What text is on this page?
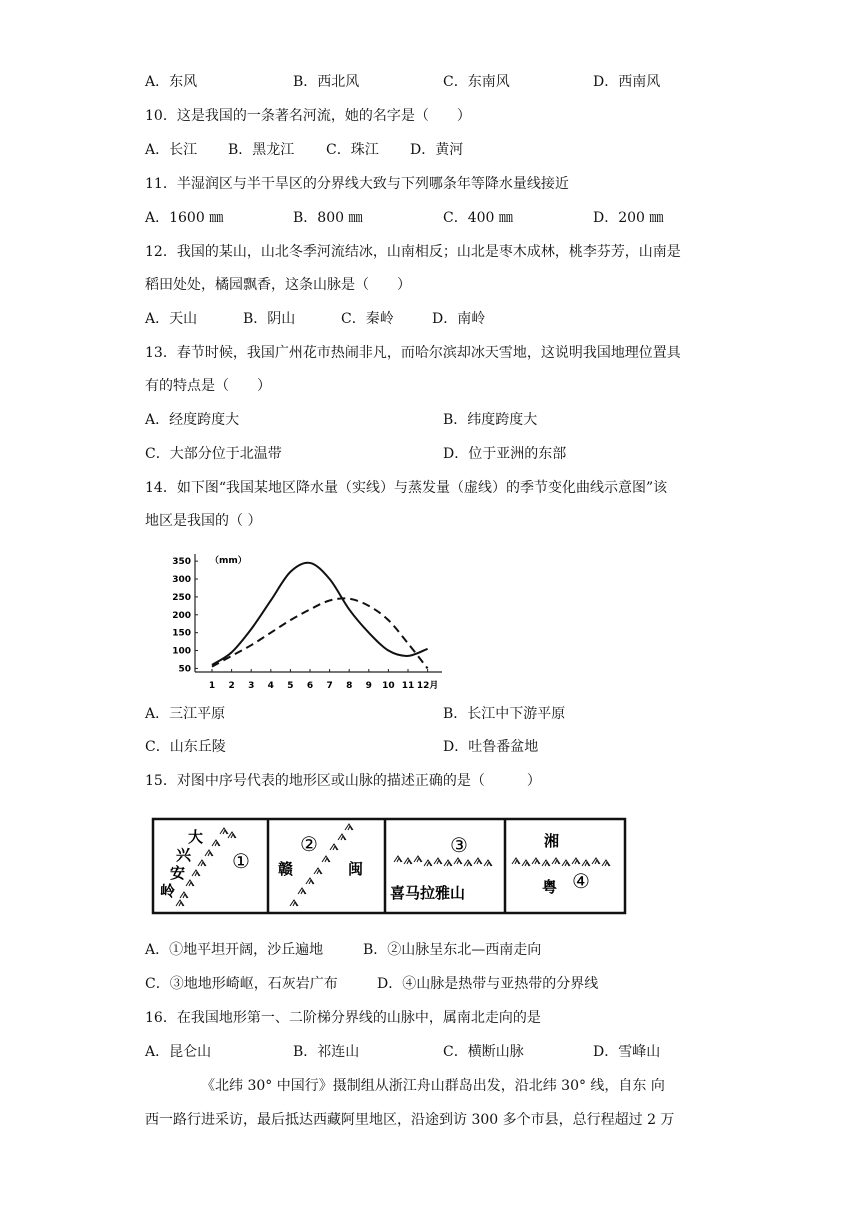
A．东风	B．西北风	C．东南风	D．西南风
10．这是我国的一条著名河流，她的名字是（　　）
A．长江 B．黑龙江 C．珠江 D．黄河
11．半湿润区与半干旱区的分界线大致与下列哪条年等降水量线接近
A．1600 ㎜	B．800 ㎜	C．400 ㎜	D．200 ㎜
12．我国的某山，山北冬季河流结冰，山南相反；山北是枣木成林，桃李芬芳，山南是
稻田处处，橘园飘香，这条山脉是（　　）
A．天山	B．阴山	C．秦岭	D．南岭
13．春节时候，我国广州花市热闹非凡，而哈尔滨却冰天雪地，这说明我国地理位置具
有的特点是（　　）
A．经度跨度大	B．纬度跨度大
C．大部分位于北温带	D．位于亚洲的东部
14．如下图“我国某地区降水量（实线）与蒸发量（虚线）的季节变化曲线示意图”该
地区是我国的（ ）
（mm）
50
100
150
200
250
300
350
1 2 3 4 5 6 7 8 9 10 11 12月
A．三江平原	B．长江中下游平原
C．山东丘陵	D．吐鲁番盆地
15．对图中序号代表的地形区或山脉的描述正确的是（　　　）
大
兴
安
岭
①
②
赣	闽
③
喜马拉雅山
湘
粤 ④
A．①地平坦开阔，沙丘遍地	B．②山脉呈东北—西南走向
C．③地地形崎岖，石灰岩广布	D．④山脉是热带与亚热带的分界线
16．在我国地形第一、二阶梯分界线的山脉中，属南北走向的是
A．昆仑山	B．祁连山	C．横断山脉	D．雪峰山
《北纬 30° 中国行》摄制组从浙江舟山群岛出发，沿北纬 30° 线，自东 向
西一路行进采访，最后抵达西藏阿里地区，沿途到访 300 多个市县，总行程超过 2 万
